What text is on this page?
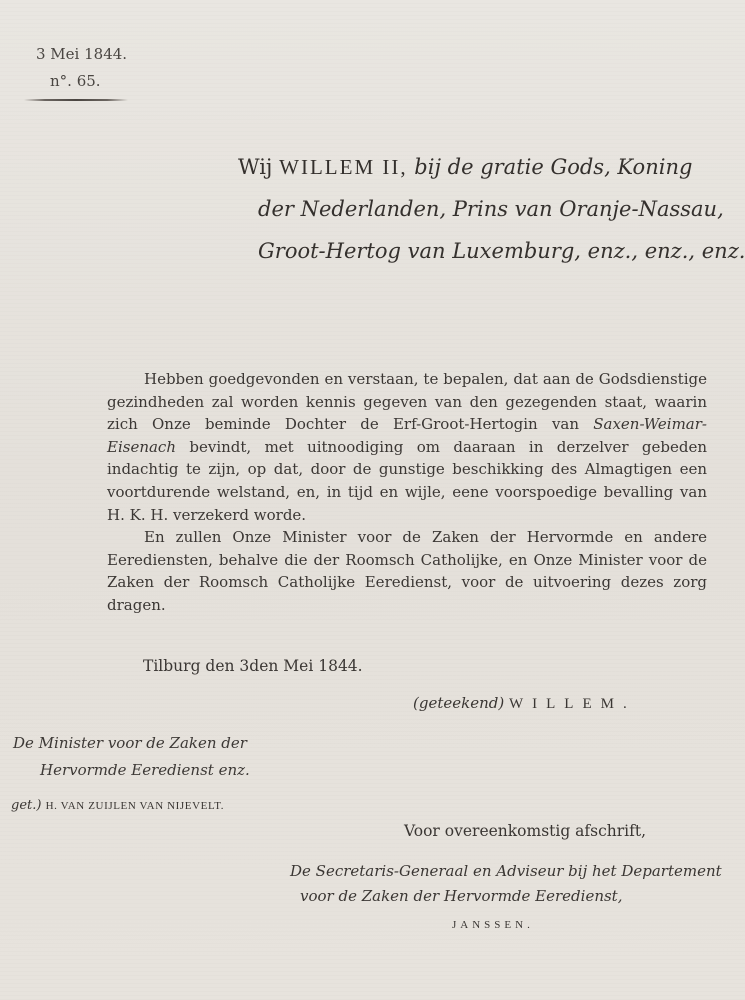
3 Mei 1844.

n°. 65.

Wij WILLEM II, bij de gratie Gods, Koning

der Nederlanden, Prins van Oranje-Nassau,

Groot-Hertog van Luxemburg, enz., enz., enz.

Hebben goedgevonden en verstaan, te bepalen, dat aan de Godsdienstige gezindheden zal worden kennis gegeven van den gezegenden staat, waarin zich Onze beminde Dochter de Erf-Groot-Hertogin van Saxen-Weimar-Eisenach bevindt, met uitnoodiging om daaraan in derzelver gebeden indachtig te zijn, op dat, door de gunstige beschikking des Almagtigen een voortdurende welstand, en, in tijd en wijle, eene voorspoedige bevalling van H. K. H. verzekerd worde.

En zullen Onze Minister voor de Zaken der Hervormde en andere Eerediensten, behalve die der Roomsch Catholijke, en Onze Minister voor de Zaken der Roomsch Catholijke Eeredienst, voor de uitvoering dezes zorg dragen.

Tilburg den 3den Mei 1844.

(geteekend) WILLEM.

De Minister voor de Zaken der

Hervormde Eeredienst enz.

get.) H. VAN ZUIJLEN VAN NIJEVELT.

Voor overeenkomstig afschrift,

De Secretaris-Generaal en Adviseur bij het Departement

voor de Zaken der Hervormde Eeredienst,

JANSSEN.
